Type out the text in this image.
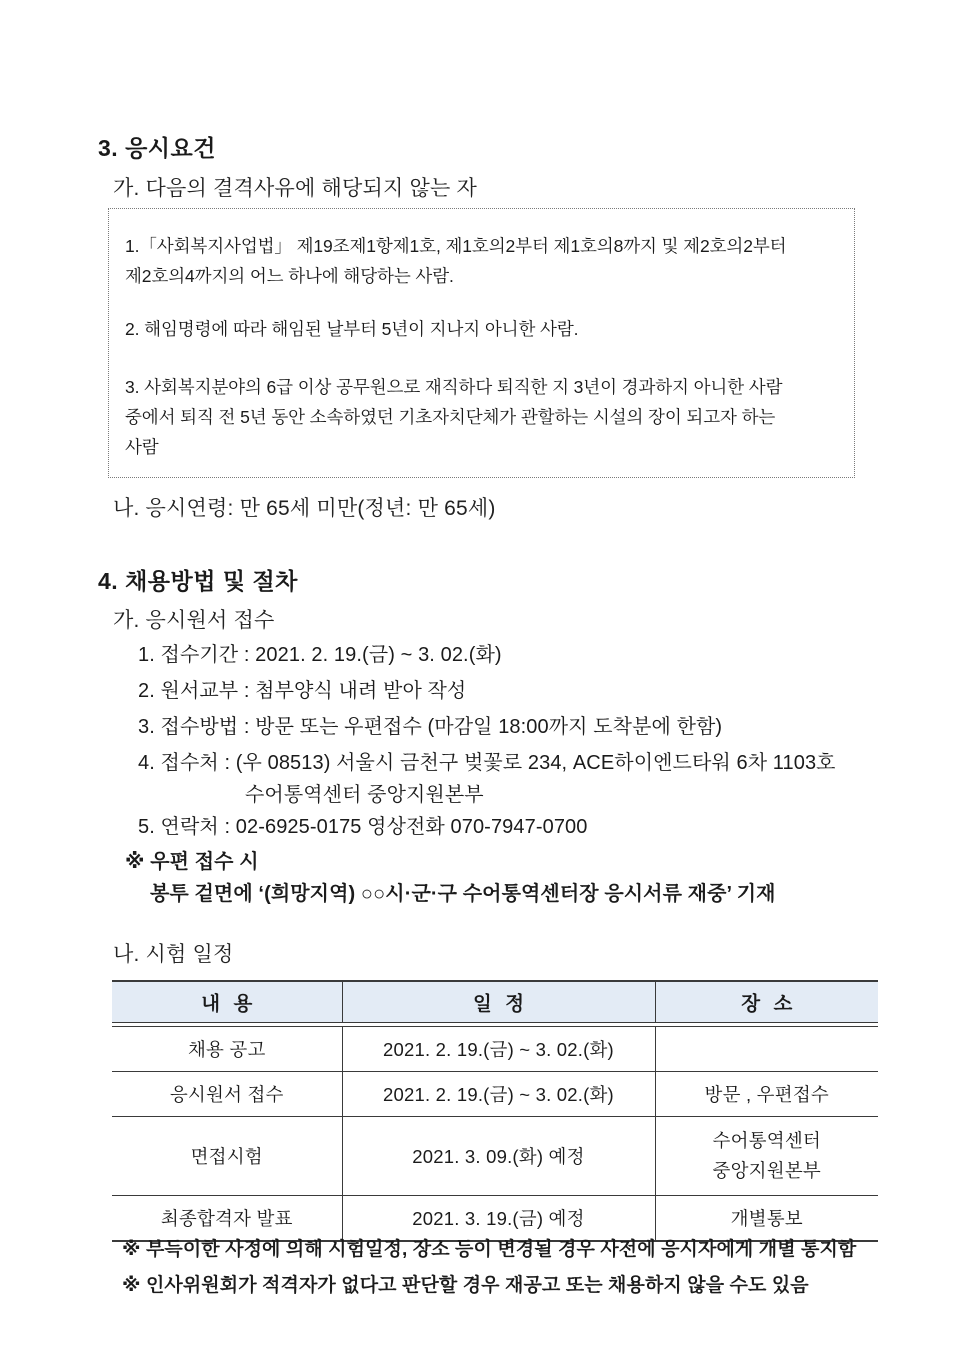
3. 응시요건
가. 다음의 결격사유에 해당되지 않는 자
1.「사회복지사업법」 제19조제1항제1호, 제1호의2부터 제1호의8까지 및 제2호의2부터
제2호의4까지의 어느 하나에 해당하는 사람.
2. 해임명령에 따라 해임된 날부터 5년이 지나지 아니한 사람.
3. 사회복지분야의 6급 이상 공무원으로 재직하다 퇴직한 지 3년이 경과하지 아니한 사람
중에서 퇴직 전 5년 동안 소속하였던 기초자치단체가 관할하는 시설의 장이 되고자 하는
사람
나. 응시연령: 만 65세 미만(정년: 만 65세)
4. 채용방법 및 절차
가. 응시원서 접수
1. 접수기간 : 2021. 2. 19.(금) ~ 3. 02.(화)
2. 원서교부 : 첨부양식 내려 받아 작성
3. 접수방법 : 방문 또는 우편접수 (마감일 18:00까지 도착분에 한함)
4. 접수처 : (우 08513) 서울시 금천구 벚꽃로 234, ACE하이엔드타워 6차 1103호
수어통역센터 중앙지원본부
5. 연락처 : 02-6925-0175 영상전화 070-7947-0700
※ 우편 접수 시
봉투 겉면에 ‘(희망지역) ○○시·군·구 수어통역센터장 응시서류 재중’ 기재
나. 시험 일정
내 용	일 정	장 소

채용 공고	2021. 2. 19.(금) ~ 3. 02.(화)	
응시원서 접수	2021. 2. 19.(금) ~ 3. 02.(화)	방문 , 우편접수
면접시험	2021. 3. 09.(화) 예정	수어통역센터
중앙지원본부

최종합격자 발표	2021. 3. 19.(금) 예정	개별통보
※ 부득이한 사정에 의해 시험일정, 장소 등이 변경될 경우 사전에 응시자에게 개별 통지함
※ 인사위원회가 적격자가 없다고 판단할 경우 재공고 또는 채용하지 않을 수도 있음
